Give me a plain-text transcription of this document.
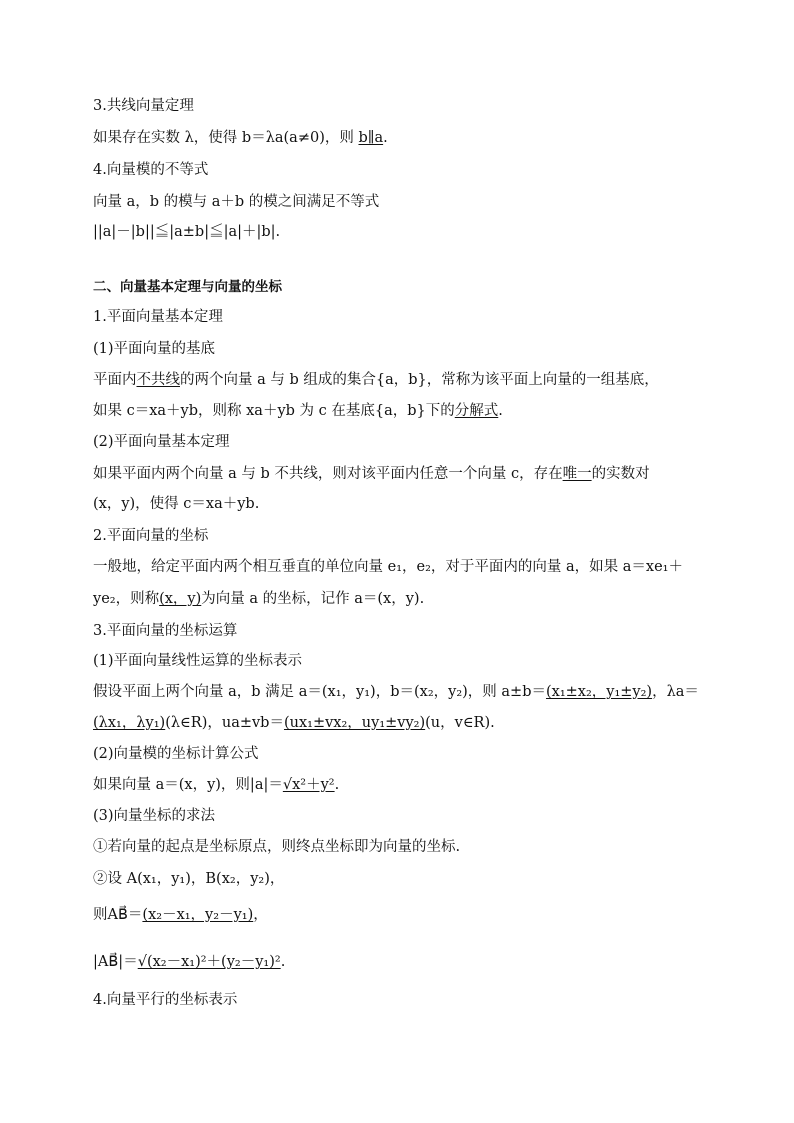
3.共线向量定理
如果存在实数 λ，使得 b＝λa(a≠0)，则 b∥a.
4.向量模的不等式
向量 a，b 的模与 a＋b 的模之间满足不等式
||a|－|b||≦|a±b|≦|a|＋|b|.
二、向量基本定理与向量的坐标
1.平面向量基本定理
(1)平面向量的基底
平面内不共线的两个向量 a 与 b 组成的集合{a，b}，常称为该平面上向量的一组基底，
如果 c＝xa＋yb，则称 xa＋yb 为 c 在基底{a，b}下的分解式.
(2)平面向量基本定理
如果平面内两个向量 a 与 b 不共线，则对该平面内任意一个向量 c，存在唯一的实数对
(x，y)，使得 c＝xa＋yb.
2.平面向量的坐标
一般地，给定平面内两个相互垂直的单位向量 e₁，e₂，对于平面内的向量 a，如果 a＝xe₁＋
ye₂，则称(x，y)为向量 a 的坐标，记作 a＝(x，y).
3.平面向量的坐标运算
(1)平面向量线性运算的坐标表示
假设平面上两个向量 a，b 满足 a＝(x₁，y₁)，b＝(x₂，y₂)，则 a±b＝(x₁±x₂，y₁±y₂)，λa＝
(λx₁，λy₁)(λ∈R)，ua±vb＝(ux₁±vx₂，uy₁±vy₂)(u，v∈R).
(2)向量模的坐标计算公式
如果向量 a＝(x，y)，则|a|＝√x²＋y².
(3)向量坐标的求法
①若向量的起点是坐标原点，则终点坐标即为向量的坐标.
②设 A(x₁，y₁)，B(x₂，y₂)，
则AB⃗＝(x₂－x₁，y₂－y₁)，
|AB⃗|＝√(x₂－x₁)²＋(y₂－y₁)².
4.向量平行的坐标表示
